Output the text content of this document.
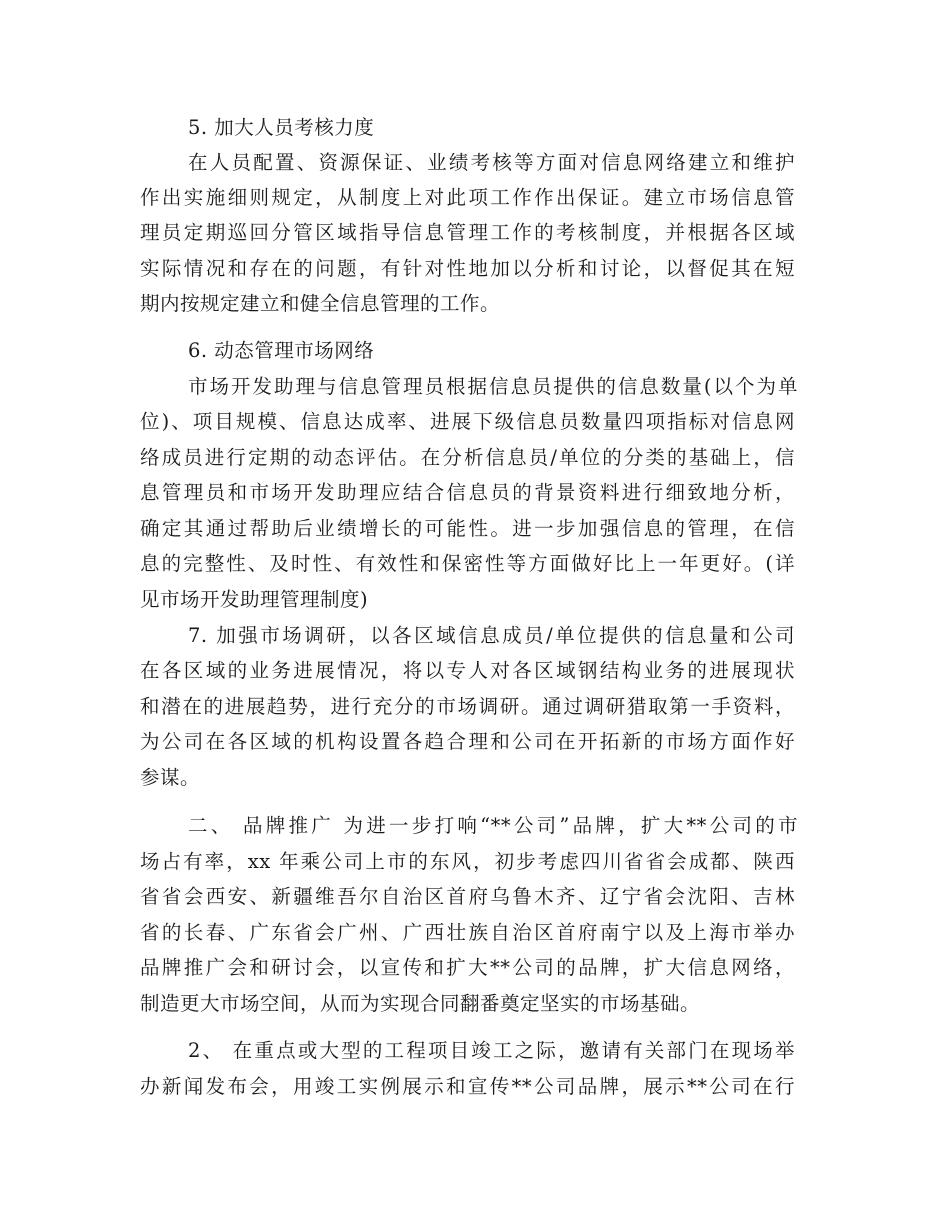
5. 加大人员考核力度
在人员配置、资源保证、业绩考核等方面对信息网络建立和维护
作出实施细则规定，从制度上对此项工作作出保证。建立市场信息管
理员定期巡回分管区域指导信息管理工作的考核制度，并根据各区域
实际情况和存在的问题，有针对性地加以分析和讨论，以督促其在短
期内按规定建立和健全信息管理的工作。
6. 动态管理市场网络
市场开发助理与信息管理员根据信息员提供的信息数量(以个为单
位)、项目规模、信息达成率、进展下级信息员数量四项指标对信息网
络成员进行定期的动态评估。在分析信息员/单位的分类的基础上，信
息管理员和市场开发助理应结合信息员的背景资料进行细致地分析，
确定其通过帮助后业绩增长的可能性。进一步加强信息的管理，在信
息的完整性、及时性、有效性和保密性等方面做好比上一年更好。(详
见市场开发助理管理制度)
7. 加强市场调研，以各区域信息成员/单位提供的信息量和公司
在各区域的业务进展情况，将以专人对各区域钢结构业务的进展现状
和潜在的进展趋势，进行充分的市场调研。通过调研猎取第一手资料，
为公司在各区域的机构设置各趋合理和公司在开拓新的市场方面作好
参谋。
二、 品牌推广 为进一步打响“**公司”品牌，扩大**公司的市
场占有率，xx 年乘公司上市的东风，初步考虑四川省省会成都、陕西
省省会西安、新疆维吾尔自治区首府乌鲁木齐、辽宁省会沈阳、吉林
省的长春、广东省会广州、广西壮族自治区首府南宁以及上海市举办
品牌推广会和研讨会，以宣传和扩大**公司的品牌，扩大信息网络，
制造更大市场空间，从而为实现合同翻番奠定坚实的市场基础。
2、 在重点或大型的工程项目竣工之际，邀请有关部门在现场举
办新闻发布会，用竣工实例展示和宣传**公司品牌，展示**公司在行
